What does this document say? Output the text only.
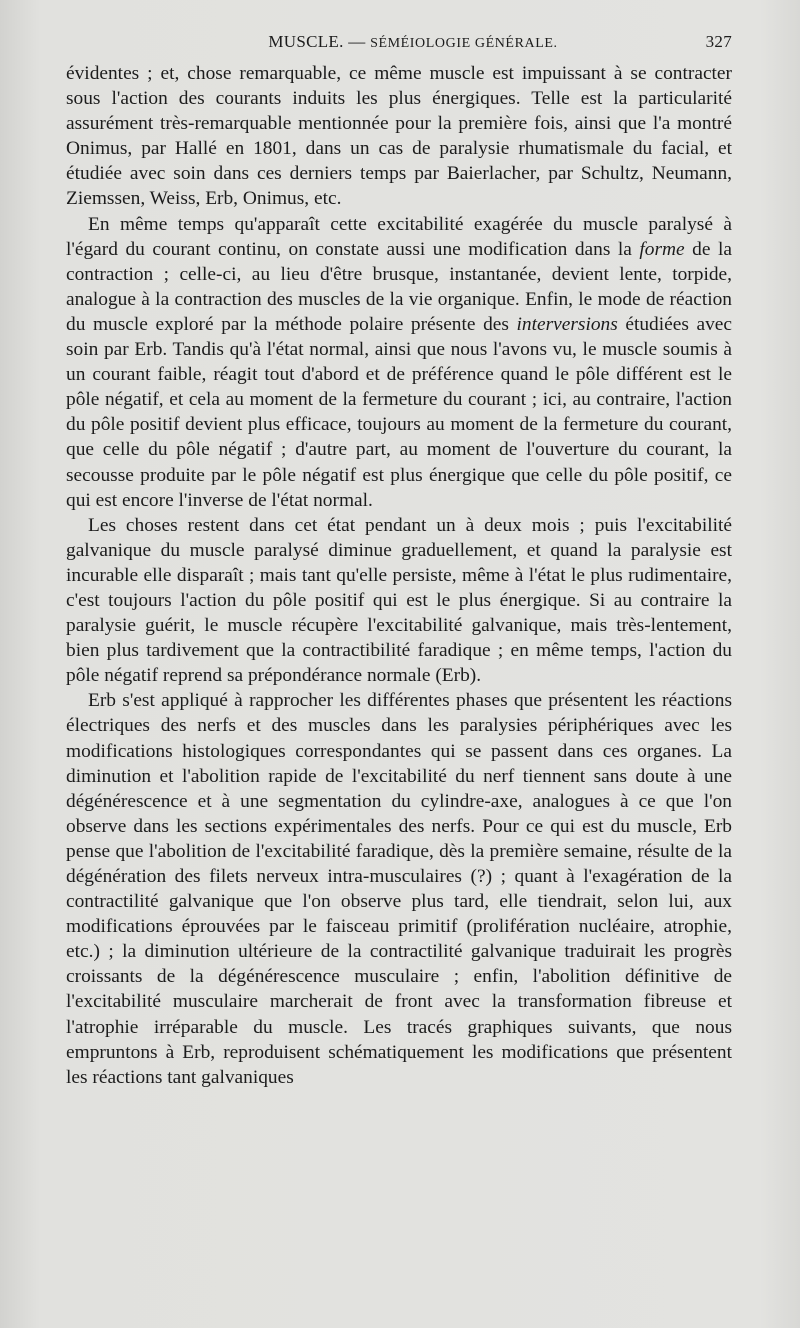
MUSCLE. — SÉMÉIOLOGIE GÉNÉRALE.	327

évidentes ; et, chose remarquable, ce même muscle est impuissant à se contracter sous l'action des courants induits les plus énergiques. Telle est la particularité assurément très-remarquable mentionnée pour la première fois, ainsi que l'a montré Onimus, par Hallé en 1801, dans un cas de paralysie rhumatismale du facial, et étudiée avec soin dans ces derniers temps par Baierlacher, par Schultz, Neumann, Ziemssen, Weiss, Erb, Onimus, etc.

En même temps qu'apparaît cette excitabilité exagérée du muscle paralysé à l'égard du courant continu, on constate aussi une modification dans la forme de la contraction ; celle-ci, au lieu d'être brusque, instantanée, devient lente, torpide, analogue à la contraction des muscles de la vie organique. Enfin, le mode de réaction du muscle exploré par la méthode polaire présente des interversions étudiées avec soin par Erb. Tandis qu'à l'état normal, ainsi que nous l'avons vu, le muscle soumis à un courant faible, réagit tout d'abord et de préférence quand le pôle différent est le pôle négatif, et cela au moment de la fermeture du courant ; ici, au contraire, l'action du pôle positif devient plus efficace, toujours au moment de la fermeture du courant, que celle du pôle négatif ; d'autre part, au moment de l'ouverture du courant, la secousse produite par le pôle négatif est plus énergique que celle du pôle positif, ce qui est encore l'inverse de l'état normal.

Les choses restent dans cet état pendant un à deux mois ; puis l'excitabilité galvanique du muscle paralysé diminue graduellement, et quand la paralysie est incurable elle disparaît ; mais tant qu'elle persiste, même à l'état le plus rudimentaire, c'est toujours l'action du pôle positif qui est le plus énergique. Si au contraire la paralysie guérit, le muscle récupère l'excitabilité galvanique, mais très-lentement, bien plus tardivement que la contractibilité faradique ; en même temps, l'action du pôle négatif reprend sa prépondérance normale (Erb).

Erb s'est appliqué à rapprocher les différentes phases que présentent les réactions électriques des nerfs et des muscles dans les paralysies périphériques avec les modifications histologiques correspondantes qui se passent dans ces organes. La diminution et l'abolition rapide de l'excitabilité du nerf tiennent sans doute à une dégénérescence et à une segmentation du cylindre-axe, analogues à ce que l'on observe dans les sections expérimentales des nerfs. Pour ce qui est du muscle, Erb pense que l'abolition de l'excitabilité faradique, dès la première semaine, résulte de la dégénération des filets nerveux intra-musculaires (?) ; quant à l'exagération de la contractilité galvanique que l'on observe plus tard, elle tiendrait, selon lui, aux modifications éprouvées par le faisceau primitif (prolifération nucléaire, atrophie, etc.) ; la diminution ultérieure de la contractilité galvanique traduirait les progrès croissants de la dégénérescence musculaire ; enfin, l'abolition définitive de l'excitabilité musculaire marcherait de front avec la transformation fibreuse et l'atrophie irréparable du muscle. Les tracés graphiques suivants, que nous empruntons à Erb, reproduisent schématiquement les modifications que présentent les réactions tant galvaniques
